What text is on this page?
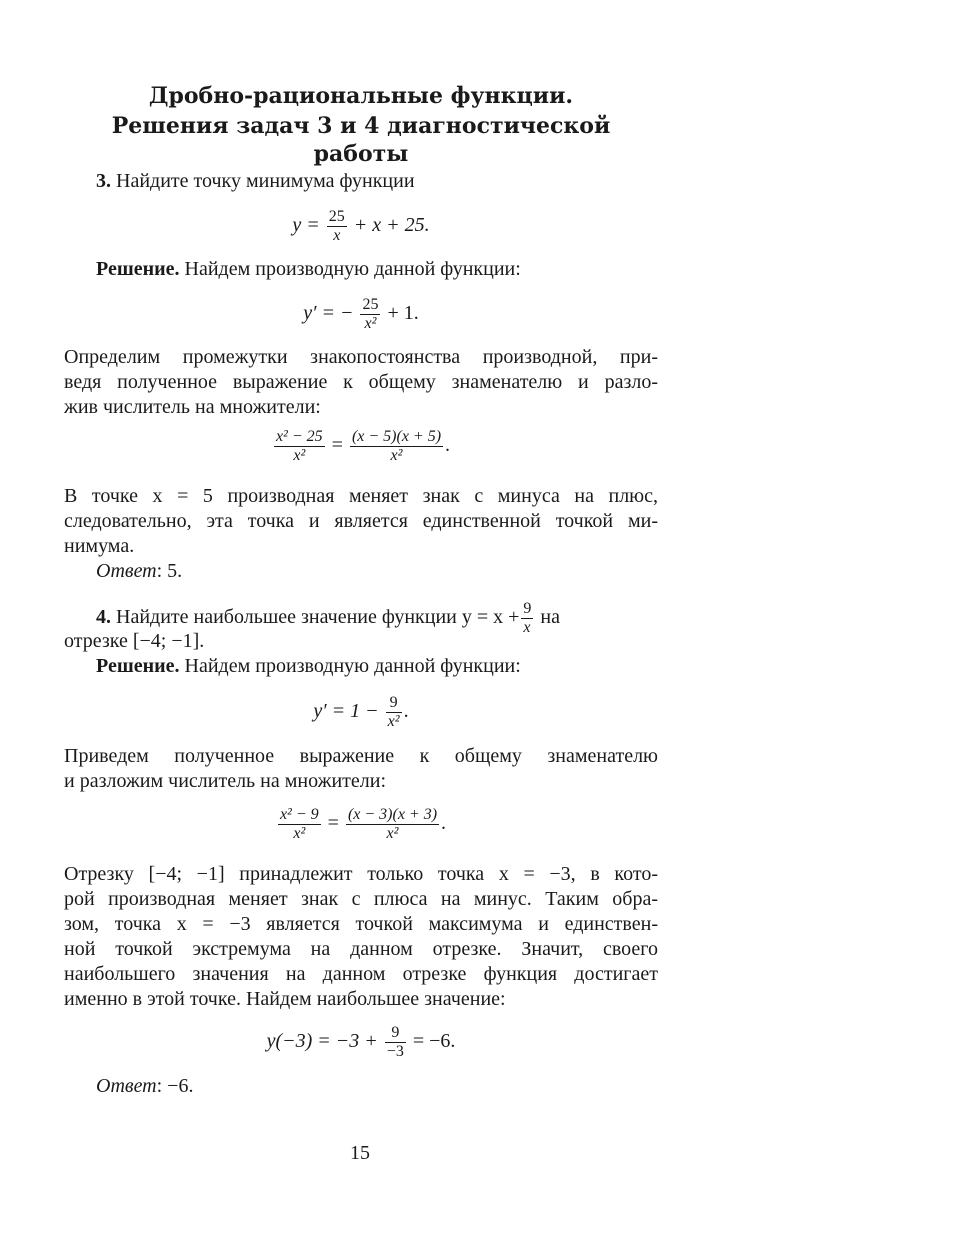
Дробно-рациональные функции.
Решения задач 3 и 4 диагностической работы
3. Найдите точку минимума функции
$y = \frac{25}{x} + x + 25$.
Решение. Найдем производную данной функции:
y′ = − $\frac{25}{\text{x²}} + 1$.
Определим промежутки знакопостоянства производной, при-
ведя полученное выражение к общему знаменателю и разло-
жив числитель на множители:
$\frac{\text{x² − 25}}{\text{x²}} = \frac{(x - 5)(x + 5)}{\text{x²}}$ .
В точке x = 5 производная меняет знак с минуса на плюс,
следовательно, эта точка и является единственной точкой ми-
нимума.
Ответ: 5.
4. Найдите наибольшее значение функции $y = x + \frac{9}{x}$ на
отрезке [−4; −1].
Решение. Найдем производную данной функции:
$y' = 1 - \frac{9}{\text{x²}}$ .
Приведем полученное выражение к общему знаменателю
и разложим числитель на множители:
$\frac{\text{x² − 9}}{\text{x²}} = \frac{(x - 3)(x + 3)}{\text{x²}}$ .
Отрезку [−4; −1] принадлежит только точка x = −3, в кото-
рой производная меняет знак с плюса на минус. Таким обра-
зом, точка x = −3 является точкой максимума и единствен-
ной точкой экстремума на данном отрезке. Значит, своего
наибольшего значения на данном отрезке функция достигает
именно в этой точке. Найдем наибольшее значение:
$y(-3) = -3 + \frac{9}{-3} = -6$.
Ответ: −6.
15
